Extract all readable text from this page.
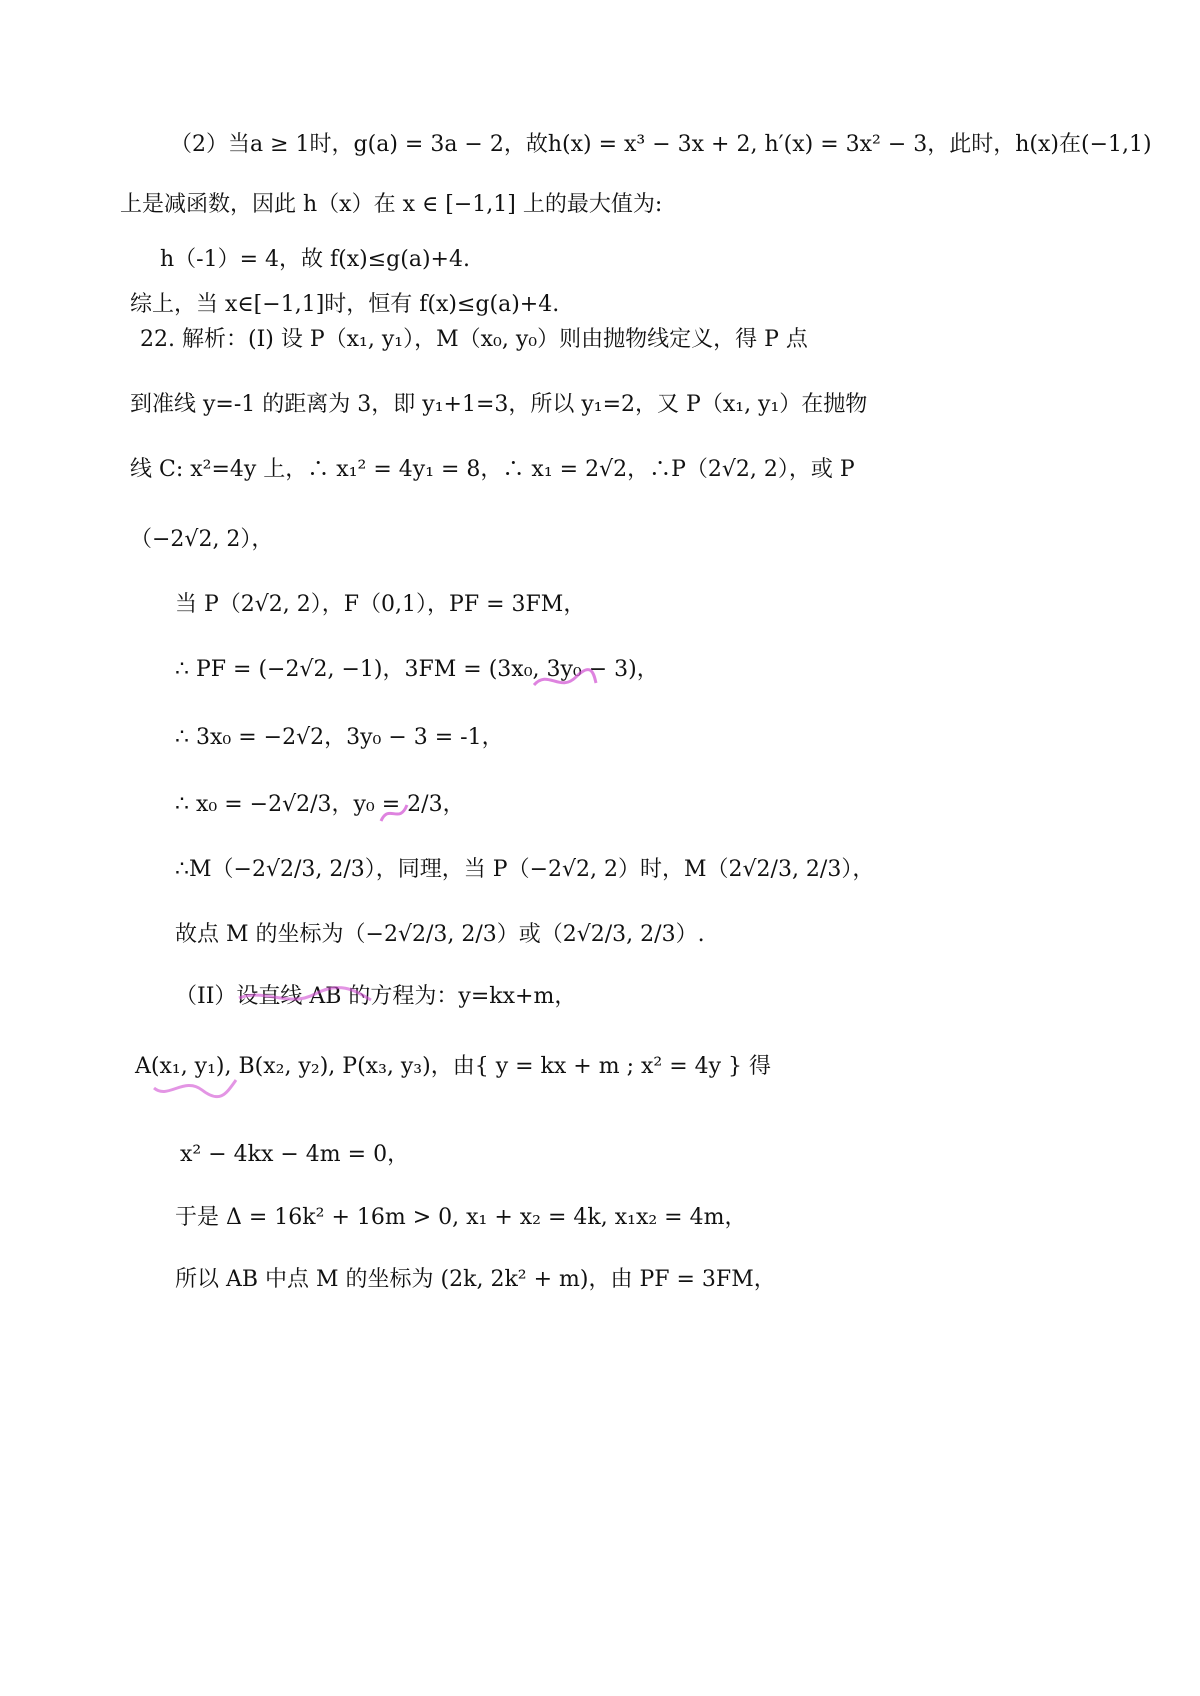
（2）当a ≥ 1时，g(a) = 3a − 2，故h(x) = x³ − 3x + 2, h′(x) = 3x² − 3，此时，h(x)在(−1,1)
上是减函数，因此 h（x）在 x ∈ [−1,1] 上的最大值为:
h（-1）= 4，故 f(x)≤g(a)+4.
综上，当 x∈[−1,1]时，恒有 f(x)≤g(a)+4.
22. 解析：(I) 设 P（x₁, y₁），M（x₀, y₀）则由抛物线定义，得 P 点
到准线 y=-1 的距离为 3，即 y₁+1=3，所以 y₁=2，又 P（x₁, y₁）在抛物
线 C: x²=4y 上，∴ x₁² = 4y₁ = 8，∴ x₁ = 2√2，∴P（2√2, 2），或 P
（−2√2, 2），
当 P（2√2, 2），F（0,1），PF = 3FM，
∴ PF = (−2√2, −1)，3FM = (3x₀, 3y₀ − 3)，
∴ 3x₀ = −2√2，3y₀ − 3 = -1，
∴ x₀ = −2√2/3，y₀ = 2/3，
∴M（−2√2/3, 2/3），同理，当 P（−2√2, 2）时，M（2√2/3, 2/3），
故点 M 的坐标为（−2√2/3, 2/3）或（2√2/3, 2/3）.
（II）设直线 AB 的方程为：y=kx+m，
A(x₁, y₁), B(x₂, y₂), P(x₃, y₃)，由{ y = kx + m ; x² = 4y } 得
x² − 4kx − 4m = 0，
于是 Δ = 16k² + 16m > 0, x₁ + x₂ = 4k, x₁x₂ = 4m，
所以 AB 中点 M 的坐标为 (2k, 2k² + m)，由 PF = 3FM，
